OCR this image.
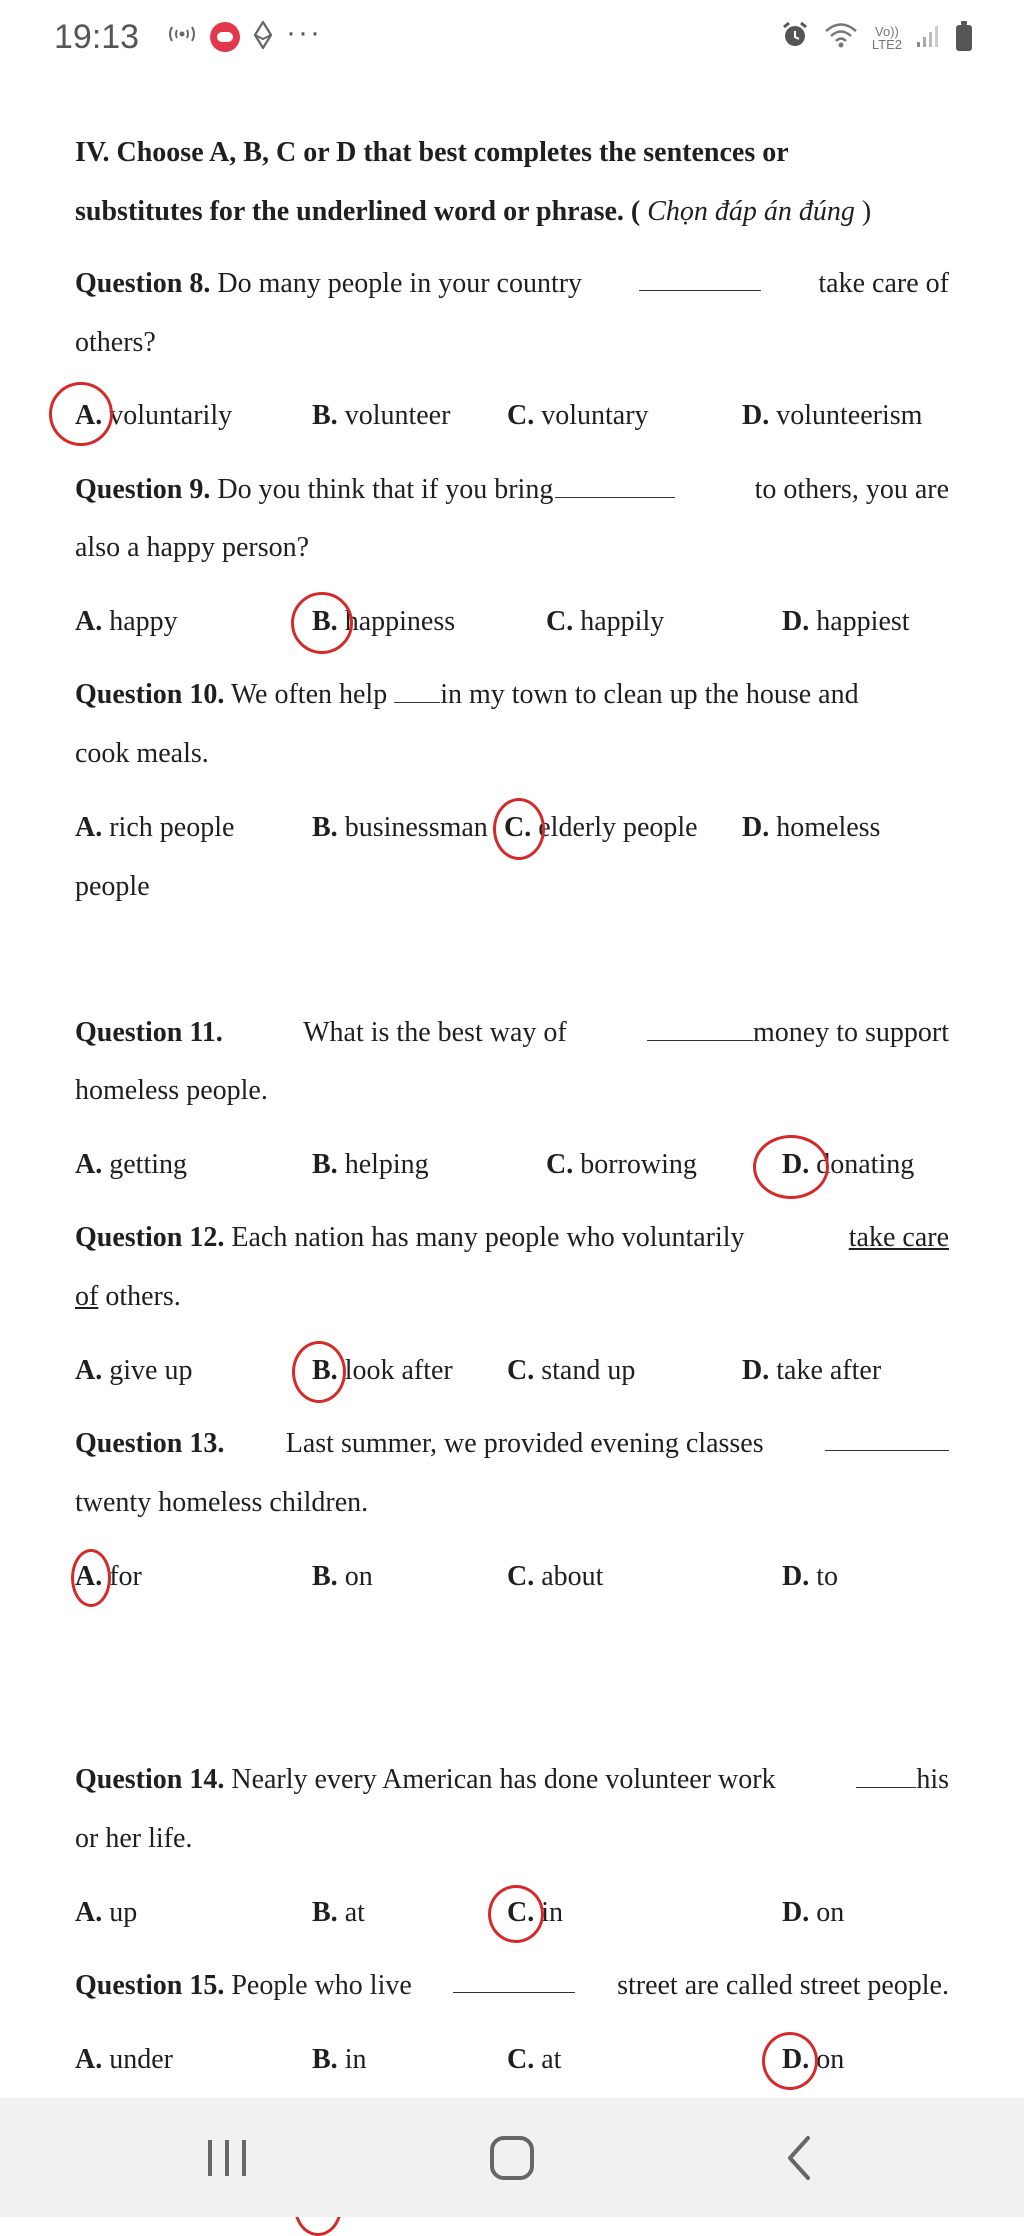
19:13	···	Vo))
LTE2
IV. Choose A, B, C or D that best completes the sentences or
substitutes for the underlined word or phrase. ( Chọn đáp án đúng )
Question 8. Do many people in your country	take care of
others?
A. voluntarily	B. volunteer C. voluntary	D. volunteerism
Question 9. Do you think that if you bring	to others, you are
also a happy person?
A. happy	B. happiness	C. happily	D. happiest
Question 10. We often help in my town to clean up the house and
cook meals.
A. rich people	B. businessman C. elderly people D. homeless
people
Question 11.	What is the best way of	money to support
homeless people.
A. getting	B. helping	C. borrowing	D. donating
Question 12. Each nation has many people who voluntarily	take care
of others.
A. give up	B. look after C. stand up	D. take after
Question 13. Last summer, we provided evening classes
twenty homeless children.
A. for	B. on	C. about	D. to
Question 14. Nearly every American has done volunteer work	his
or her life.
A. up	B. at	C. in	D. on
Question 15. People who live	street are called street people.
A. under	B. in	C. at	D. on
